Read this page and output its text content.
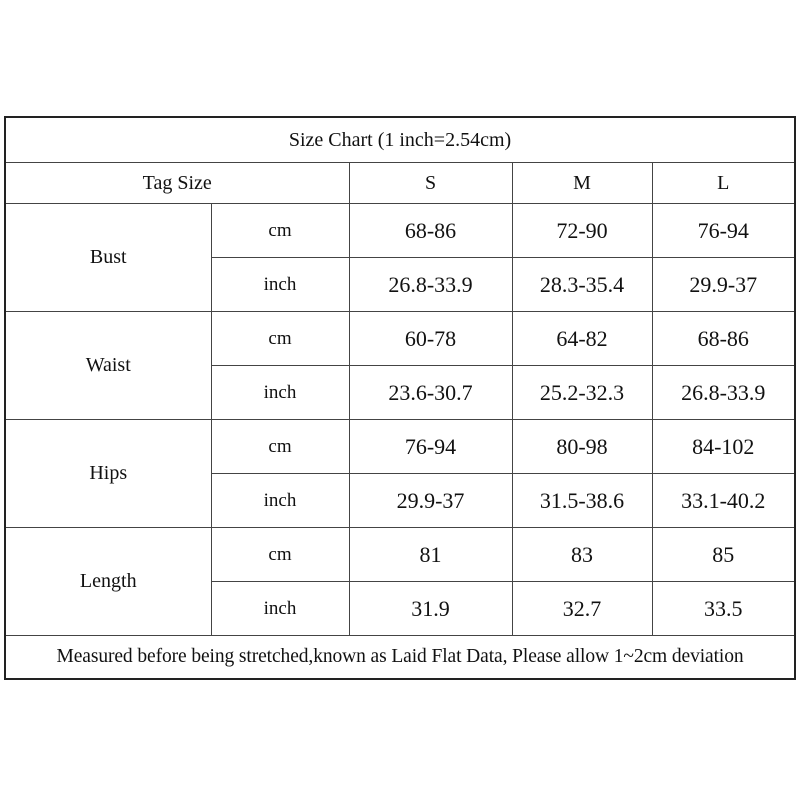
Size Chart (1 inch=2.54cm)				
Tag Size		S	M	L
Bust	cm	68-86	72-90	76-94
	inch	26.8-33.9	28.3-35.4	29.9-37
Waist	cm	60-78	64-82	68-86
	inch	23.6-30.7	25.2-32.3	26.8-33.9
Hips	cm	76-94	80-98	84-102
	inch	29.9-37	31.5-38.6	33.1-40.2
Length	cm	81	83	85
	inch	31.9	32.7	33.5
Measured before being stretched,known as Laid Flat Data, Please allow 1~2cm deviation				
